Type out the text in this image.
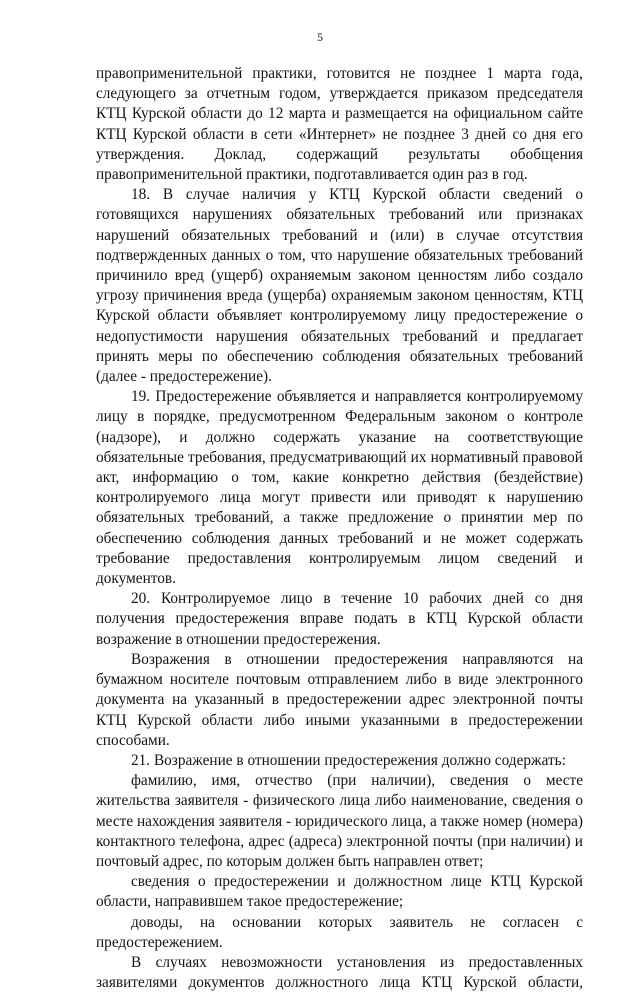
5

правоприменительной практики, готовится не позднее 1 марта года, следующего за отчетным годом, утверждается приказом председателя КТЦ Курской области до 12 марта и размещается на официальном сайте КТЦ Курской области в сети «Интернет» не позднее 3 дней со дня его утверждения. Доклад, содержащий результаты обобщения правоприменительной практики, подготавливается один раз в год.

18. В случае наличия у КТЦ Курской области сведений о готовящихся нарушениях обязательных требований или признаках нарушений обязательных требований и (или) в случае отсутствия подтвержденных данных о том, что нарушение обязательных требований причинило вред (ущерб) охраняемым законом ценностям либо создало угрозу причинения вреда (ущерба) охраняемым законом ценностям, КТЦ Курской области объявляет контролируемому лицу предостережение о недопустимости нарушения обязательных требований и предлагает принять меры по обеспечению соблюдения обязательных требований (далее - предостережение).

19. Предостережение объявляется и направляется контролируемому лицу в порядке, предусмотренном Федеральным законом о контроле (надзоре), и должно содержать указание на соответствующие обязательные требования, предусматривающий их нормативный правовой акт, информацию о том, какие конкретно действия (бездействие) контролируемого лица могут привести или приводят к нарушению обязательных требований, а также предложение о принятии мер по обеспечению соблюдения данных требований и не может содержать требование предоставления контролируемым лицом сведений и документов.

20. Контролируемое лицо в течение 10 рабочих дней со дня получения предостережения вправе подать в КТЦ Курской области возражение в отношении предостережения.

Возражения в отношении предостережения направляются на бумажном носителе почтовым отправлением либо в виде электронного документа на указанный в предостережении адрес электронной почты КТЦ Курской области либо иными указанными в предостережении способами.

21. Возражение в отношении предостережения должно содержать:

фамилию, имя, отчество (при наличии), сведения о месте жительства заявителя - физического лица либо наименование, сведения о месте нахождения заявителя - юридического лица, а также номер (номера) контактного телефона, адрес (адреса) электронной почты (при наличии) и почтовый адрес, по которым должен быть направлен ответ;

сведения о предостережении и должностном лице КТЦ Курской области, направившем такое предостережение;

доводы, на основании которых заявитель не согласен с предостережением.

В случаях невозможности установления из предоставленных заявителями документов должностного лица КТЦ Курской области,
